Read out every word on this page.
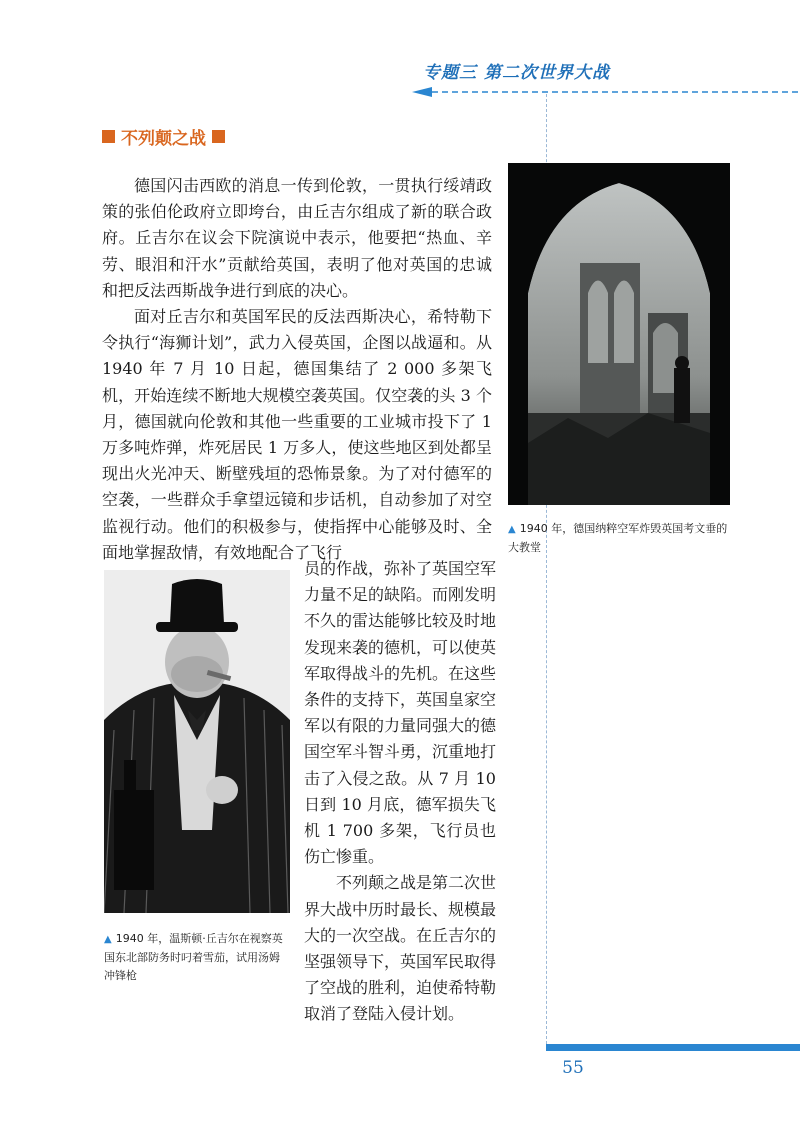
专题三 第二次世界大战
不列颠之战

德国闪击西欧的消息一传到伦敦，一贯执行绥靖政策的张伯伦政府立即垮台，由丘吉尔组成了新的联合政府。丘吉尔在议会下院演说中表示，他要把“热血、辛劳、眼泪和汗水”贡献给英国，表明了他对英国的忠诚和把反法西斯战争进行到底的决心。

面对丘吉尔和英国军民的反法西斯决心，希特勒下令执行“海狮计划”，武力入侵英国，企图以战逼和。从 1940 年 7 月 10 日起，德国集结了 2 000 多架飞机，开始连续不断地大规模空袭英国。仅空袭的头 3 个月，德国就向伦敦和其他一些重要的工业城市投下了 1 万多吨炸弹，炸死居民 1 万多人，使这些地区到处都呈现出火光冲天、断壁残垣的恐怖景象。为了对付德军的空袭，一些群众手拿望远镜和步话机，自动参加了对空监视行动。他们的积极参与，使指挥中心能够及时、全面地掌握敌情，有效地配合了飞行

员的作战，弥补了英国空军力量不足的缺陷。而刚发明不久的雷达能够比较及时地发现来袭的德机，可以使英军取得战斗的先机。在这些条件的支持下，英国皇家空军以有限的力量同强大的德国空军斗智斗勇，沉重地打击了入侵之敌。从 7 月 10 日到 10 月底，德军损失飞机 1 700 多架，飞行员也伤亡惨重。

不列颠之战是第二次世界大战中历时最长、规模最大的一次空战。在丘吉尔的坚强领导下，英国军民取得了空战的胜利，迫使希特勒取消了登陆入侵计划。

▲ 1940 年，德国纳粹空军炸毁英国考文垂的大教堂
▲ 1940 年，温斯顿·丘吉尔在视察英国东北部防务时叼着雪茄，试用汤姆冲锋枪
55
